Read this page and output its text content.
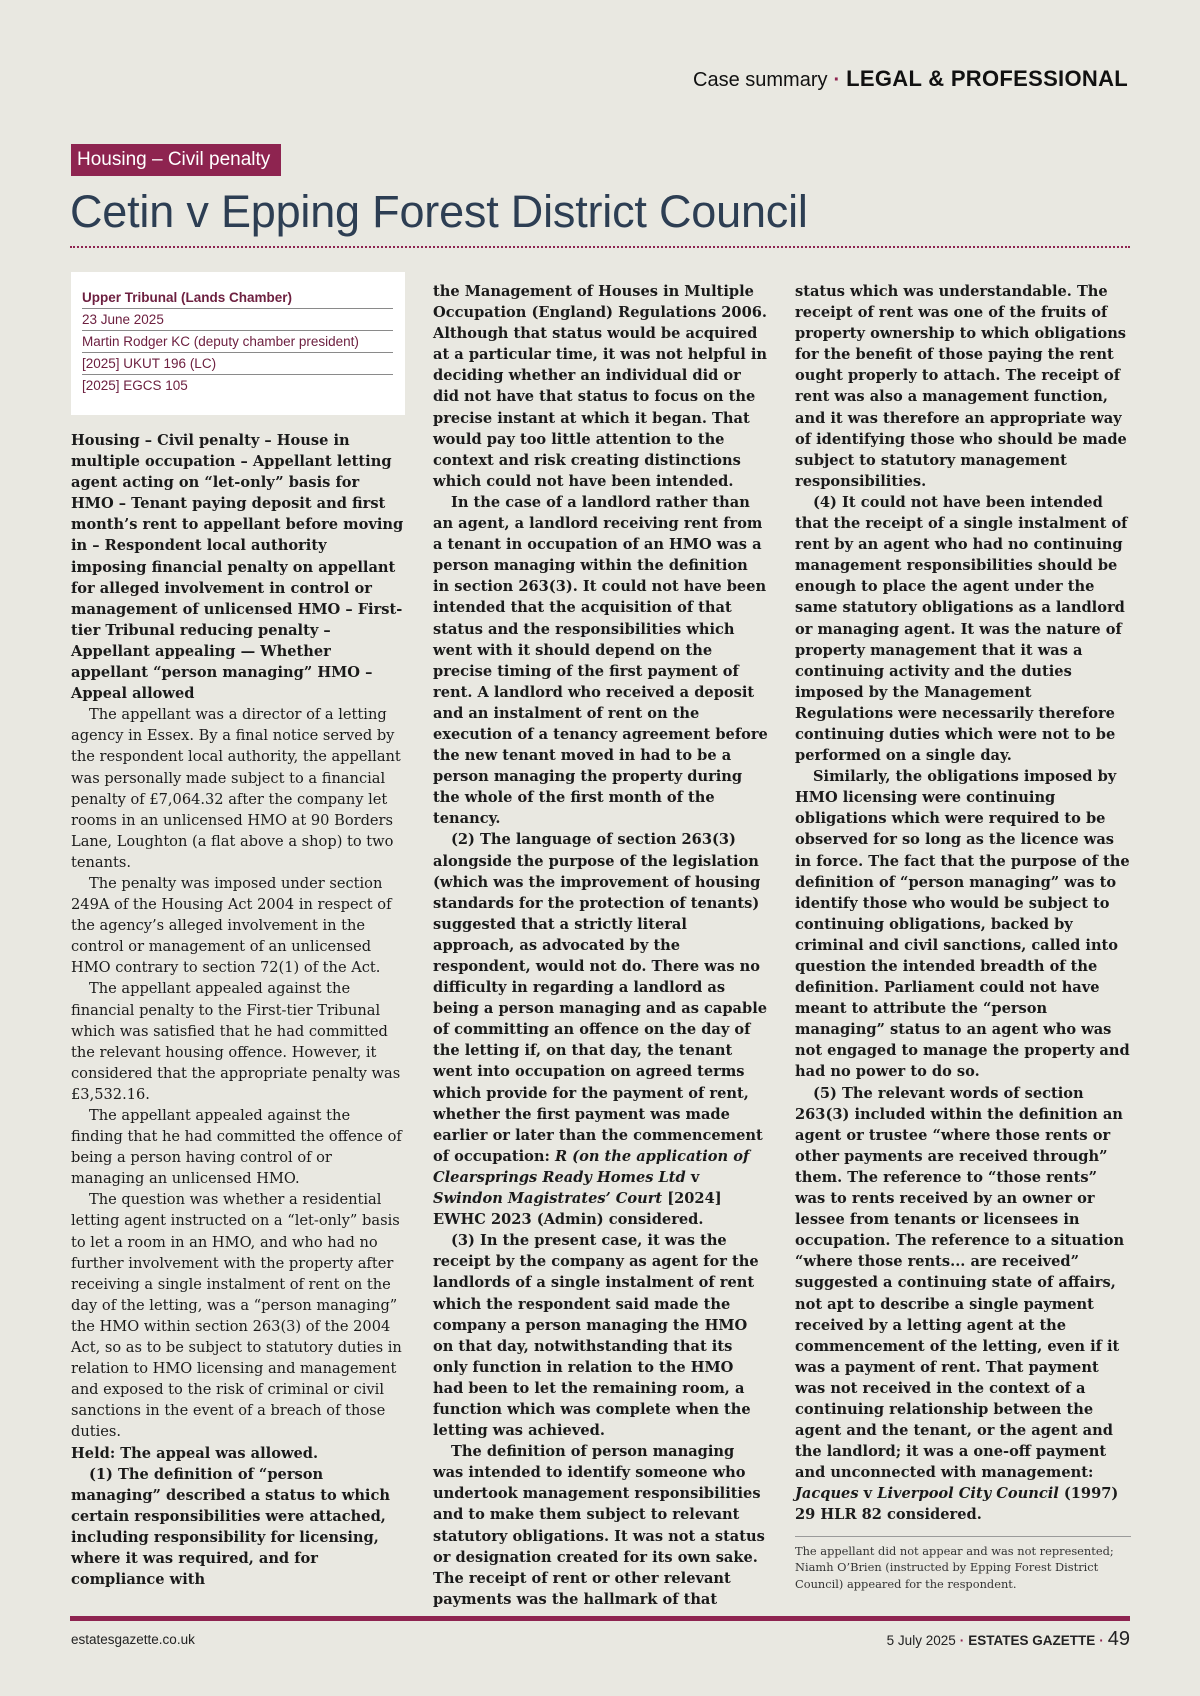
Case summary · LEGAL & PROFESSIONAL
Housing – Civil penalty
Cetin v Epping Forest District Council
Upper Tribunal (Lands Chamber)
23 June 2025
Martin Rodger KC (deputy chamber president)
[2025] UKUT 196 (LC)
[2025] EGCS 105

Housing – Civil penalty – House in multiple occupation – Appellant letting agent acting on “let-only” basis for HMO – Tenant paying deposit and first month’s rent to appellant before moving in – Respondent local authority imposing financial penalty on appellant for alleged involvement in control or management of unlicensed HMO – First-tier Tribunal reducing penalty – Appellant appealing — Whether appellant “person managing” HMO – Appeal allowed

The appellant was a director of a letting agency in Essex. By a final notice served by the respondent local authority, the appellant was personally made subject to a financial penalty of £7,064.32 after the company let rooms in an unlicensed HMO at 90 Borders Lane, Loughton (a flat above a shop) to two tenants.

The penalty was imposed under section 249A of the Housing Act 2004 in respect of the agency’s alleged involvement in the control or management of an unlicensed HMO contrary to section 72(1) of the Act.

The appellant appealed against the financial penalty to the First-tier Tribunal which was satisfied that he had committed the relevant housing offence. However, it considered that the appropriate penalty was £3,532.16.

The appellant appealed against the finding that he had committed the offence of being a person having control of or managing an unlicensed HMO.

The question was whether a residential letting agent instructed on a “let-only” basis to let a room in an HMO, and who had no further involvement with the property after receiving a single instalment of rent on the day of the letting, was a “person managing” the HMO within section 263(3) of the 2004 Act, so as to be subject to statutory duties in relation to HMO licensing and management and exposed to the risk of criminal or civil sanctions in the event of a breach of those duties.

Held: The appeal was allowed.

(1) The definition of “person managing” described a status to which certain responsibilities were attached, including responsibility for licensing, where it was required, and for compliance with

the Management of Houses in Multiple Occupation (England) Regulations 2006. Although that status would be acquired at a particular time, it was not helpful in deciding whether an individual did or did not have that status to focus on the precise instant at which it began. That would pay too little attention to the context and risk creating distinctions which could not have been intended.

In the case of a landlord rather than an agent, a landlord receiving rent from a tenant in occupation of an HMO was a person managing within the definition in section 263(3). It could not have been intended that the acquisition of that status and the responsibilities which went with it should depend on the precise timing of the first payment of rent. A landlord who received a deposit and an instalment of rent on the execution of a tenancy agreement before the new tenant moved in had to be a person managing the property during the whole of the first month of the tenancy.

(2) The language of section 263(3) alongside the purpose of the legislation (which was the improvement of housing standards for the protection of tenants) suggested that a strictly literal approach, as advocated by the respondent, would not do. There was no difficulty in regarding a landlord as being a person managing and as capable of committing an offence on the day of the letting if, on that day, the tenant went into occupation on agreed terms which provide for the payment of rent, whether the first payment was made earlier or later than the commencement of occupation: R (on the application of Clearsprings Ready Homes Ltd v Swindon Magistrates’ Court [2024] EWHC 2023 (Admin) considered.

(3) In the present case, it was the receipt by the company as agent for the landlords of a single instalment of rent which the respondent said made the company a person managing the HMO on that day, notwithstanding that its only function in relation to the HMO had been to let the remaining room, a function which was complete when the letting was achieved.

The definition of person managing was intended to identify someone who undertook management responsibilities and to make them subject to relevant statutory obligations. It was not a status or designation created for its own sake. The receipt of rent or other relevant payments was the hallmark of that

status which was understandable. The receipt of rent was one of the fruits of property ownership to which obligations for the benefit of those paying the rent ought properly to attach. The receipt of rent was also a management function, and it was therefore an appropriate way of identifying those who should be made subject to statutory management responsibilities.

(4) It could not have been intended that the receipt of a single instalment of rent by an agent who had no continuing management responsibilities should be enough to place the agent under the same statutory obligations as a landlord or managing agent. It was the nature of property management that it was a continuing activity and the duties imposed by the Management Regulations were necessarily therefore continuing duties which were not to be performed on a single day.

Similarly, the obligations imposed by HMO licensing were continuing obligations which were required to be observed for so long as the licence was in force. The fact that the purpose of the definition of “person managing” was to identify those who would be subject to continuing obligations, backed by criminal and civil sanctions, called into question the intended breadth of the definition. Parliament could not have meant to attribute the “person managing” status to an agent who was not engaged to manage the property and had no power to do so.

(5) The relevant words of section 263(3) included within the definition an agent or trustee “where those rents or other payments are received through” them. The reference to “those rents” was to rents received by an owner or lessee from tenants or licensees in occupation. The reference to a situation “where those rents... are received” suggested a continuing state of affairs, not apt to describe a single payment received by a letting agent at the commencement of the letting, even if it was a payment of rent. That payment was not received in the context of a continuing relationship between the agent and the tenant, or the agent and the landlord; it was a one-off payment and unconnected with management: Jacques v Liverpool City Council (1997) 29 HLR 82 considered.

The appellant did not appear and was not represented; Niamh O’Brien (instructed by Epping Forest District Council) appeared for the respondent.

estatesgazette.co.uk	5 July 2025 · ESTATES GAZETTE · 49
